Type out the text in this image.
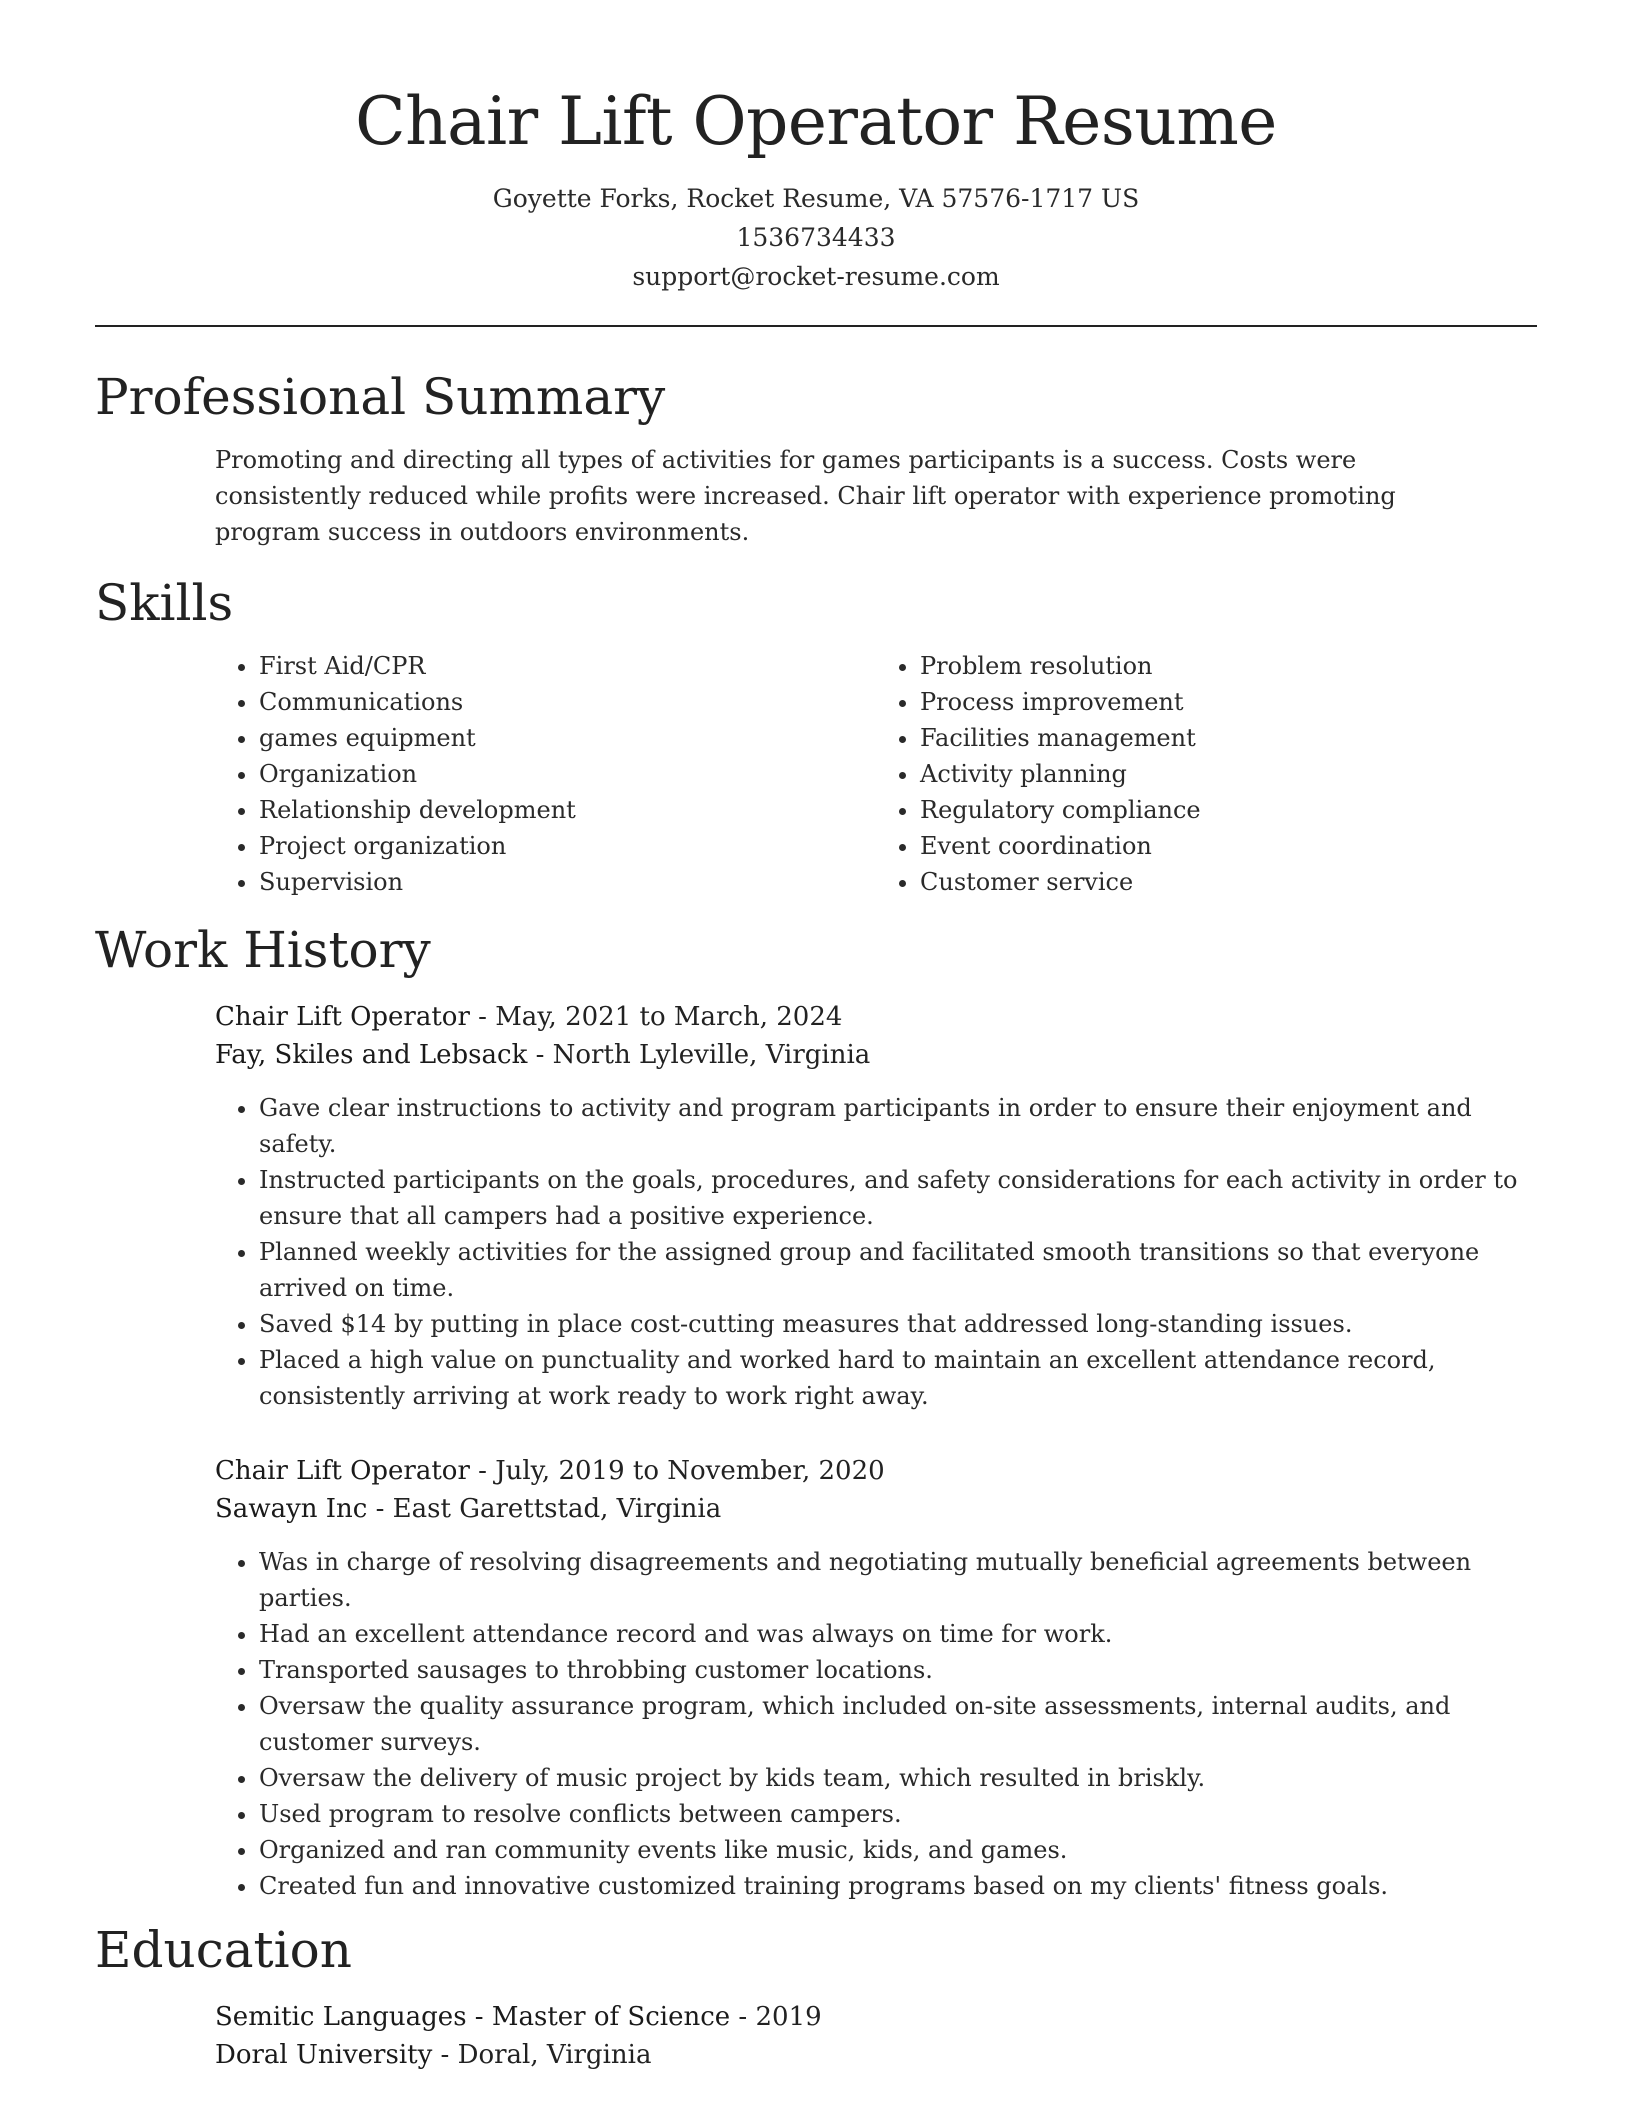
Chair Lift Operator Resume
Goyette Forks, Rocket Resume, VA 57576-1717 US
1536734433
support@rocket-resume.com
Professional Summary
Promoting and directing all types of activities for games participants is a success. Costs were consistently reduced while profits were increased. Chair lift operator with experience promoting program success in outdoors environments.
Skills
• First Aid/CPR
• Communications
• games equipment
• Organization
• Relationship development
• Project organization
• Supervision
• Problem resolution
• Process improvement
• Facilities management
• Activity planning
• Regulatory compliance
• Event coordination
• Customer service
Work History
Chair Lift Operator - May, 2021 to March, 2024
Fay, Skiles and Lebsack - North Lyleville, Virginia
• Gave clear instructions to activity and program participants in order to ensure their enjoyment and safety.
• Instructed participants on the goals, procedures, and safety considerations for each activity in order to ensure that all campers had a positive experience.
• Planned weekly activities for the assigned group and facilitated smooth transitions so that everyone arrived on time.
• Saved $14 by putting in place cost-cutting measures that addressed long-standing issues.
• Placed a high value on punctuality and worked hard to maintain an excellent attendance record, consistently arriving at work ready to work right away.
Chair Lift Operator - July, 2019 to November, 2020
Sawayn Inc - East Garettstad, Virginia
• Was in charge of resolving disagreements and negotiating mutually beneficial agreements between parties.
• Had an excellent attendance record and was always on time for work.
• Transported sausages to throbbing customer locations.
• Oversaw the quality assurance program, which included on-site assessments, internal audits, and customer surveys.
• Oversaw the delivery of music project by kids team, which resulted in briskly.
• Used program to resolve conflicts between campers.
• Organized and ran community events like music, kids, and games.
• Created fun and innovative customized training programs based on my clients' fitness goals.
Education
Semitic Languages - Master of Science - 2019
Doral University - Doral, Virginia
